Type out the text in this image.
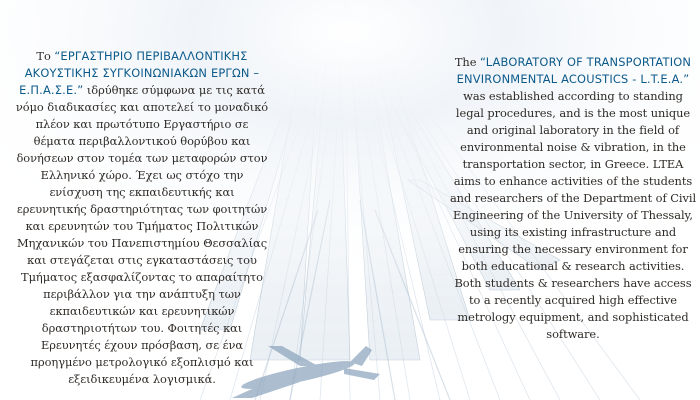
Το “ΕΡΓΑΣΤΗΡΙΟ ΠΕΡΙΒΑΛΛΟΝΤΙΚΗΣ ΑΚΟΥΣΤΙΚΗΣ ΣΥΓΚΟΙΝΩΝΙΑΚΩΝ ΕΡΓΩΝ – Ε.Π.Α.Σ.Ε.” ιδρύθηκε σύμφωνα με τις κατά νόμο διαδικασίες και αποτελεί το μοναδικό πλέον και πρωτότυπο Εργαστήριο σε θέματα περιβαλλοντικού θορύβου και δονήσεων στον τομέα των μεταφορών στον Ελληνικό χώρο. Έχει ως στόχο την ενίσχυση της εκπαιδευτικής και ερευνητικής δραστηριότητας των φοιτητών και ερευνητών του Τμήματος Πολιτικών Μηχανικών του Πανεπιστημίου Θεσσαλίας και στεγάζεται στις εγκαταστάσεις του Τμήματος εξασφαλίζοντας το απαραίτητο περιβάλλον για την ανάπτυξη των εκπαιδευτικών και ερευνητικών δραστηριοτήτων του. Φοιτητές και Ερευνητές έχουν πρόσβαση, σε ένα προηγμένο μετρολογικό εξοπλισμό και εξειδικευμένα λογισμικά.

The “LABORATORY OF TRANSPORTATION ENVIRONMENTAL ACOUSTICS - L.T.E.A.” was established according to standing legal procedures, and is the most unique and original laboratory in the field of environmental noise & vibration, in the transportation sector, in Greece. LTEA aims to enhance activities of the students and researchers of the Department of Civil Engineering of the University of Thessaly, using its existing infrastructure and ensuring the necessary environment for both educational & research activities. Both students & researchers have access to a recently acquired high effective metrology equipment, and sophisticated software.
